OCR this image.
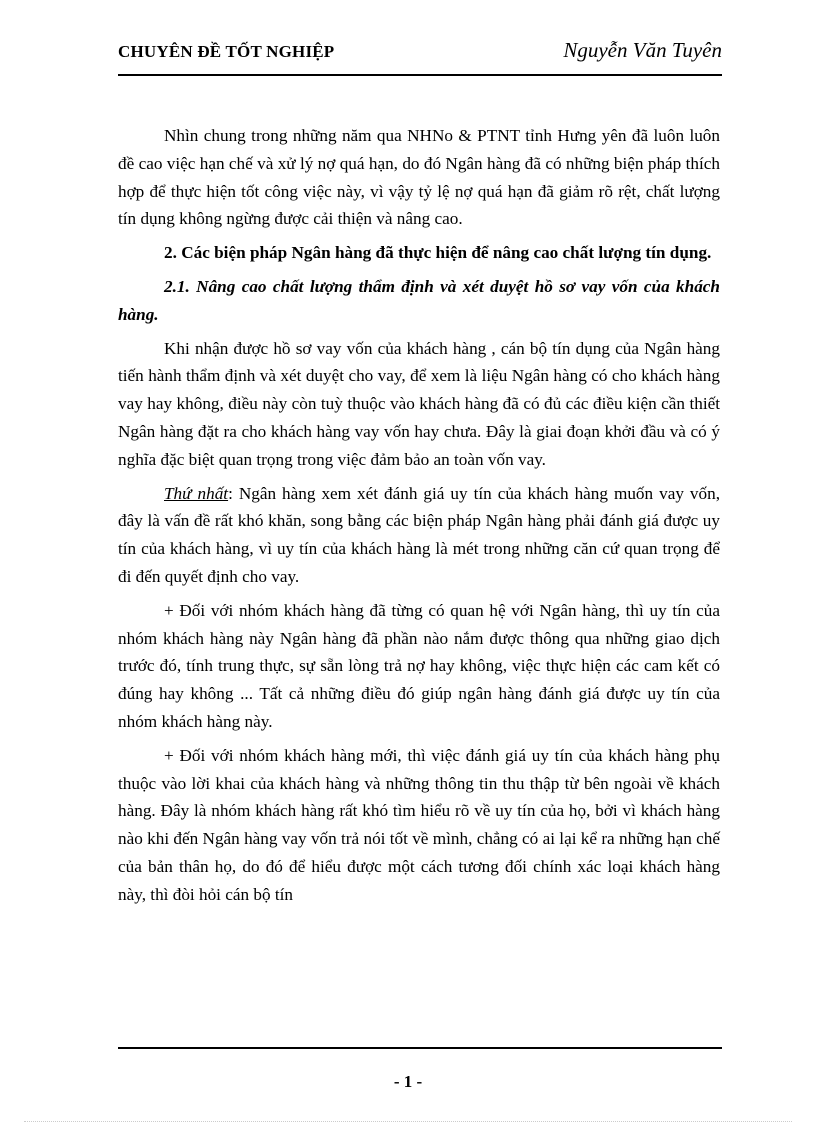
CHUYÊN ĐỀ TỐT NGHIỆP	Nguyễn Văn Tuyên

Nhìn chung trong những năm qua NHNo & PTNT tỉnh Hưng yên đã luôn luôn đề cao việc hạn chế và xử lý nợ quá hạn, do đó Ngân hàng đã có những biện pháp thích hợp để thực hiện tốt công việc này, vì vậy tỷ lệ nợ quá hạn đã giảm rõ rệt, chất lượng tín dụng không ngừng được cải thiện và nâng cao.

2. Các biện pháp Ngân hàng đã thực hiện để nâng cao chất lượng tín dụng.

2.1. Nâng cao chất lượng thẩm định và xét duyệt hồ sơ vay vốn của khách hàng.

Khi nhận được hồ sơ vay vốn của khách hàng , cán bộ tín dụng của Ngân hàng tiến hành thẩm định và xét duyệt cho vay, để xem là liệu Ngân hàng có cho khách hàng vay hay không, điều này còn tuỳ thuộc vào khách hàng đã có đủ các điều kiện cần thiết Ngân hàng đặt ra cho khách hàng vay vốn hay chưa. Đây là giai đoạn khởi đầu và có ý nghĩa đặc biệt quan trọng trong việc đảm bảo an toàn vốn vay.

Thứ nhất: Ngân hàng xem xét đánh giá uy tín của khách hàng muốn vay vốn, đây là vấn đề rất khó khăn, song bằng các biện pháp Ngân hàng phải đánh giá được uy tín của khách hàng, vì uy tín của khách hàng là mét trong những căn cứ quan trọng để đi đến quyết định cho vay.

+ Đối với nhóm khách hàng đã từng có quan hệ với Ngân hàng, thì uy tín của nhóm khách hàng này Ngân hàng đã phần nào nắm được thông qua những giao dịch trước đó, tính trung thực, sự sẵn lòng trả nợ hay không, việc thực hiện các cam kết có đúng hay không ... Tất cả những điều đó giúp ngân hàng đánh giá được uy tín của nhóm khách hàng này.

+ Đối với nhóm khách hàng mới, thì việc đánh giá uy tín của khách hàng phụ thuộc vào lời khai của khách hàng và những thông tin thu thập từ bên ngoài về khách hàng. Đây là nhóm khách hàng rất khó tìm hiểu rõ về uy tín của họ, bởi vì khách hàng nào khi đến Ngân hàng vay vốn trả nói tốt về mình, chẳng có ai lại kể ra những hạn chế của bản thân họ, do đó để hiểu được một cách tương đối chính xác loại khách hàng này, thì đòi hỏi cán bộ tín

- 1 -
